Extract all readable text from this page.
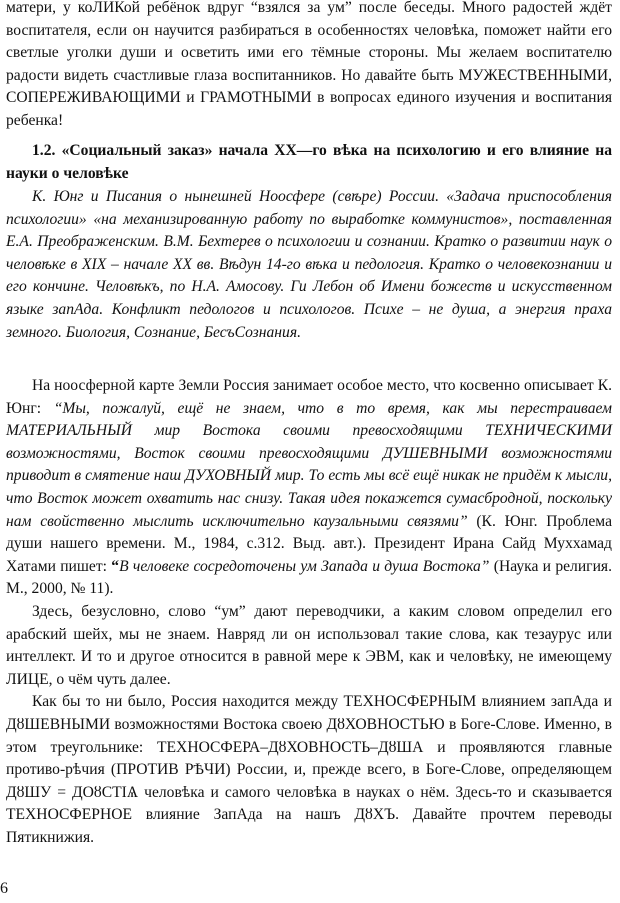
матери, у коЛИКой ребёнок вдруг “взялся за ум” после беседы. Много радостей ждёт воспитателя, если он научится разбираться в особенностях человѣка, поможет найти его светлые уголки души и осветить ими его тёмные стороны. Мы желаем воспитателю радости видеть счастливые глаза воспитанников. Но давайте быть МУЖЕСТВЕННЫМИ, СОПЕРЕЖИВАЮЩИМИ и ГРАМОТНЫМИ в вопросах единого изучения и воспитания ребенка!

1.2. «Социальный заказ» начала XX—го вѣка на психологию и его влияние на науки о человѣке

К. Юнг и Писания о нынешней Ноосфере (свѣре) России. «Задача приспособления психологии» «на механизированную работу по выработке коммунистов», поставленная Е.А. Преображенским. В.М. Бехтерев о психологии и сознании. Кратко о развитии наук о человѣке в XIX – начале XX вв. Вѣдун 14-го вѣка и педология. Кратко о человекознании и его кончине. Человѣкъ, по Н.А. Амосову. Ги Лебон об Имени божеств и искусственном языке запАда. Конфликт педологов и психологов. Психе – не душа, а энергия праха земного. Биология, Сознание, БесъСознания.

На ноосферной карте Земли Россия занимает особое место, что косвенно описывает К. Юнг: “Мы, пожалуй, ещё не знаем, что в то время, как мы перестраиваем МАТЕРИАЛЬНЫЙ мир Востока своими превосходящими ТЕХНИЧЕСКИМИ возможностями, Восток своими превосходящими ДУШЕВНЫМИ возможностями приводит в смятение наш ДУХОВНЫЙ мир. То есть мы всё ещё никак не придём к мысли, что Восток может охватить нас снизу. Такая идея покажется сумасбродной, поскольку нам свойственно мыслить исключительно каузальными связями” (К. Юнг. Проблема души нашего времени. М., 1984, с.312. Выд. авт.). Президент Ирана Сайд Муххамад Хатами пишет: “В человеке сосредоточены ум Запада и душа Востока” (Наука и религия. М., 2000, № 11).

Здесь, безусловно, слово “ум” дают переводчики, а каким словом определил его арабский шейх, мы не знаем. Навряд ли он использовал такие слова, как тезаурус или интеллект. И то и другое относится в равной мере к ЭВМ, как и человѣку, не имеющему ЛИЦЕ, о чём чуть далее.

Как бы то ни было, Россия находится между ТЕХНОСФЕРНЫМ влиянием запАда и ДȣШЕВНЫМИ возможностями Востока своею ДȣХОВНОСТЬЮ в Боге-Слове. Именно, в этом треугольнике: ТЕХНОСФЕРА–ДȣХОВНОСТЬ–ДȣША и проявляются главные противо-рѣчия (ПРОТИВ РѢЧИ) России, и, прежде всего, в Боге-Слове, определяющем ДȣШУ = ДОȣСТІѦ человѣка и самого человѣка в науках о нём. Здесь-то и сказывается ТЕХНОСФЕРНОЕ влияние ЗапАда на нашъ ДȣХЪ. Давайте прочтем переводы Пятикнижия.

6
